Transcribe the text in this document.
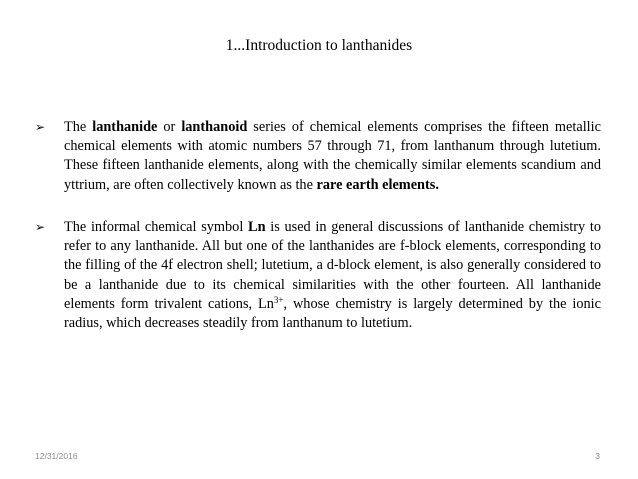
1...Introduction to lanthanides
➢ The lanthanide or lanthanoid series of chemical elements comprises the fifteen metallic chemical elements with atomic numbers 57 through 71, from lanthanum through lutetium. These fifteen lanthanide elements, along with the chemically similar elements scandium and yttrium, are often collectively known as the rare earth elements.

➢ The informal chemical symbol Ln is used in general discussions of lanthanide chemistry to refer to any lanthanide. All but one of the lanthanides are f-block elements, corresponding to the filling of the 4f electron shell; lutetium, a d-block element, is also generally considered to be a lanthanide due to its chemical similarities with the other fourteen. All lanthanide elements form trivalent cations, $Ln^{3+}$, whose chemistry is largely determined by the ionic radius, which decreases steadily from lanthanum to lutetium.

12/31/2016	3
